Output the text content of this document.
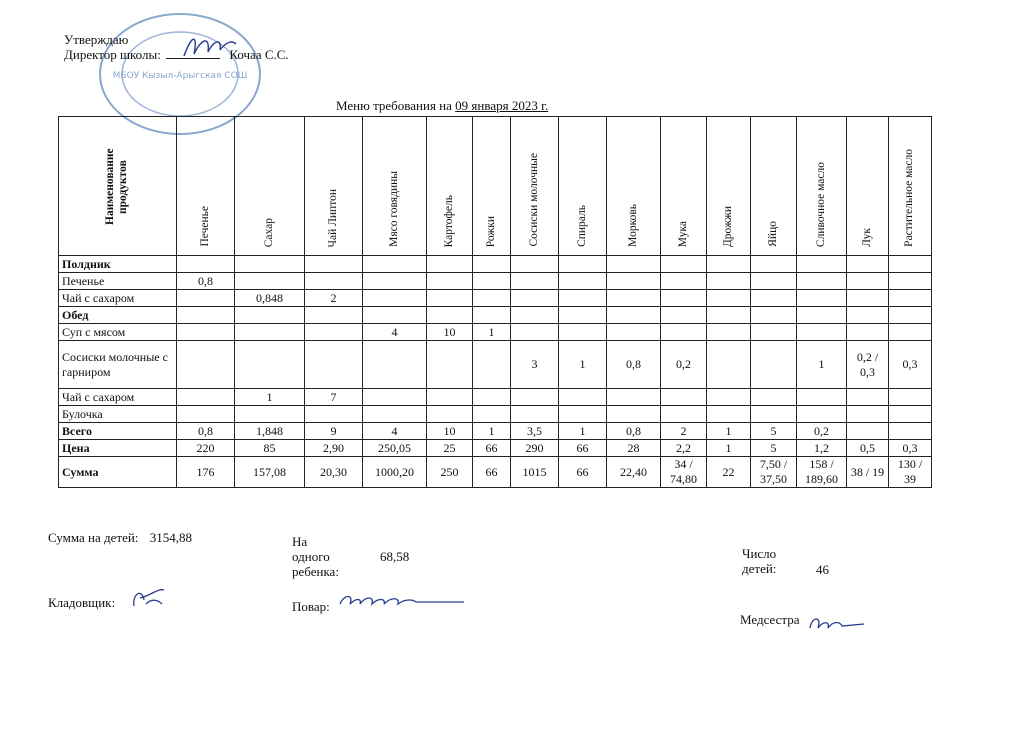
МБОУ Кызыл-Арыгская СОШ
Утверждаю
Директор школы:	Кочаа С.С.
Меню требования на 09 января 2023 г.
Наименование продуктов	Печенье	Сахар	Чай Липтон	Мясо говядины	Картофель	Рожки	Сосиски молочные	Спираль	Морковь	Мука	Дрожжи	Яйцо	Сливочное масло	Лук	Растительное масло
Полдник															
Печенье	0,8														
Чай с сахаром		0,848	2												
Обед															
Суп с мясом				4	10	1									
Сосиски молочные с гарниром							3	1	0,8	0,2			1	0,2 / 0,3	0,3
Чай с сахаром		1	7												
Булочка															
Всего	0,8	1,848	9	4	10	1	3,5	1	0,8	2	1	5	0,2		
Цена	220	85	2,90	250,05	25	66	290	66	28	2,2	1	5	1,2	0,5	0,3
Сумма	176	157,08	20,30	1000,20	250	66	1015	66	22,40	34 / 74,80	22	7,50 / 37,50	158 / 189,60	38 / 19	130 / 39
Сумма на детей: 3154,88	На
одного
ребенка:
68,58	Число
детей:	46
Кладовщик:	Повар:
Медсестра
